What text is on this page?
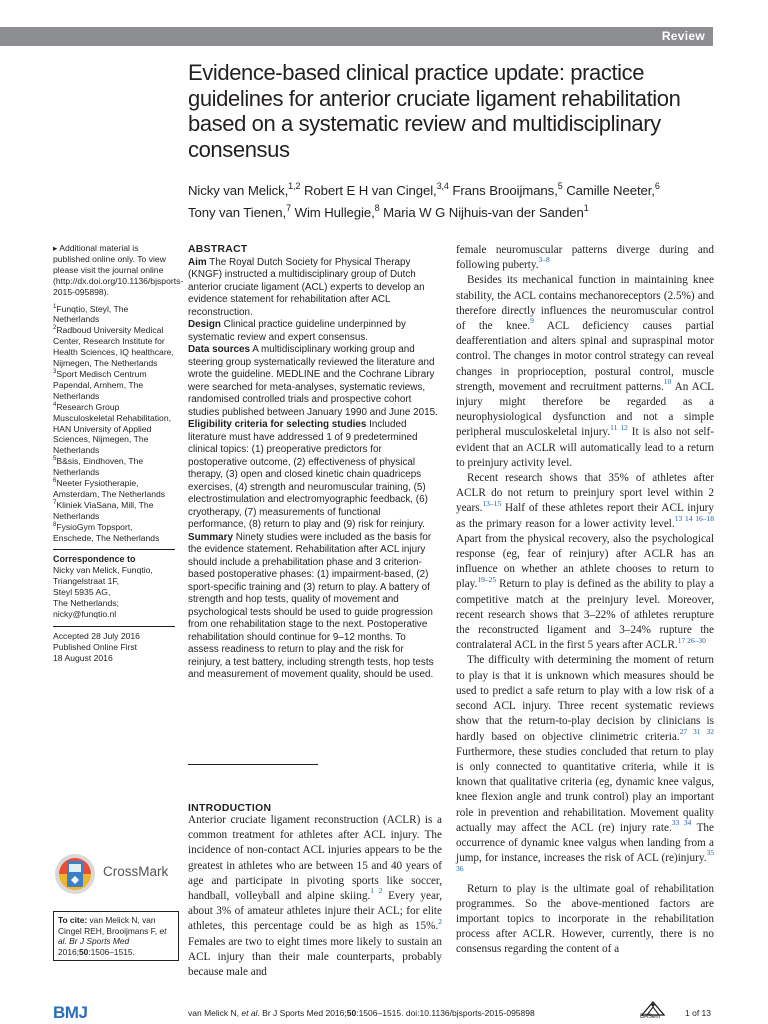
Review
Evidence-based clinical practice update: practice guidelines for anterior cruciate ligament rehabilitation based on a systematic review and multidisciplinary consensus
Nicky van Melick,$^{1,2}$ Robert E H van Cingel,$^{3,4}$ Frans Brooijmans,$^5$ Camille Neeter,$^6$
Tony van Tienen,$^7$ Wim Hullegie,$^8$ Maria W G Nijhuis-van der Sanden$^1$
▸ Additional material is published online only. To view please visit the journal online (http://dx.doi.org/10.1136/bjsports-2015-095898).

$^1$Funqtio, Steyl, The Netherlands

$^2$Radboud University Medical Center, Research Institute for Health Sciences, IQ healthcare, Nijmegen, The Netherlands

$^3$Sport Medisch Centrum Papendal, Arnhem, The Netherlands

$^4$Research Group Musculoskeletal Rehabilitation, HAN University of Applied Sciences, Nijmegen, The Netherlands

$^5$B&sis, Eindhoven, The Netherlands

$^6$Neeter Fysiotherapie, Amsterdam, The Netherlands

$^7$Kliniek ViaSana, Mill, The Netherlands

$^8$FysioGym Topsport, Enschede, The Netherlands

Correspondence to
Nicky van Melick, Funqtio,
Triangelstraat 1F,
Steyl 5935 AG,
The Netherlands;
nicky@funqtio.nl
Accepted 28 July 2016
Published Online First
18 August 2016
CrossMark
To cite: van Melick N, van Cingel REH, Brooijmans F, et al. Br J Sports Med 2016;50:1506–1515.
ABSTRACT

Aim The Royal Dutch Society for Physical Therapy (KNGF) instructed a multidisciplinary group of Dutch anterior cruciate ligament (ACL) experts to develop an evidence statement for rehabilitation after ACL reconstruction.

Design Clinical practice guideline underpinned by systematic review and expert consensus.

Data sources A multidisciplinary working group and steering group systematically reviewed the literature and wrote the guideline. MEDLINE and the Cochrane Library were searched for meta-analyses, systematic reviews, randomised controlled trials and prospective cohort studies published between January 1990 and June 2015.

Eligibility criteria for selecting studies Included literature must have addressed 1 of 9 predetermined clinical topics: (1) preoperative predictors for postoperative outcome, (2) effectiveness of physical therapy, (3) open and closed kinetic chain quadriceps exercises, (4) strength and neuromuscular training, (5) electrostimulation and electromyographic feedback, (6) cryotherapy, (7) measurements of functional performance, (8) return to play and (9) risk for reinjury.

Summary Ninety studies were included as the basis for the evidence statement. Rehabilitation after ACL injury should include a prehabilitation phase and 3 criterion-based postoperative phases: (1) impairment-based, (2) sport-specific training and (3) return to play. A battery of strength and hop tests, quality of movement and psychological tests should be used to guide progression from one rehabilitation stage to the next. Postoperative rehabilitation should continue for 9–12 months. To assess readiness to return to play and the risk for reinjury, a test battery, including strength tests, hop tests and measurement of movement quality, should be used.

INTRODUCTION
Anterior cruciate ligament reconstruction (ACLR) is a common treatment for athletes after ACL injury. The incidence of non-contact ACL injuries appears to be the greatest in athletes who are between 15 and 40 years of age and participate in pivoting sports like soccer, handball, volleyball and alpine skiing.$^{1 2}$ Every year, about 3% of amateur athletes injure their ACL; for elite athletes, this percentage could be as high as 15%.$^2$ Females are two to eight times more likely to sustain an ACL injury than their male counterparts, probably because male and

female neuromuscular patterns diverge during and following puberty.$^{3-8}$

Besides its mechanical function in maintaining knee stability, the ACL contains mechanoreceptors (2.5%) and therefore directly influences the neuromuscular control of the knee.$^9$ ACL deficiency causes partial deafferentiation and alters spinal and supraspinal motor control. The changes in motor control strategy can reveal changes in proprioception, postural control, muscle strength, movement and recruitment patterns.$^{10}$ An ACL injury might therefore be regarded as a neurophysiological dysfunction and not a simple peripheral musculoskeletal injury.$^{11 12}$ It is also not self-evident that an ACLR will automatically lead to a return to preinjury activity level.

Recent research shows that 35% of athletes after ACLR do not return to preinjury sport level within 2 years.$^{13-15}$ Half of these athletes report their ACL injury as the primary reason for a lower activity level.$^{13 14 16-18}$ Apart from the physical recovery, also the psychological response (eg, fear of reinjury) after ACLR has an influence on whether an athlete chooses to return to play.$^{19-25}$ Return to play is defined as the ability to play a competitive match at the preinjury level. Moreover, recent research shows that 3–22% of athletes rerupture the reconstructed ligament and 3–24% rupture the contralateral ACL in the first 5 years after ACLR.$^{17 26-30}$

The difficulty with determining the moment of return to play is that it is unknown which measures should be used to predict a safe return to play with a low risk of a second ACL injury. Three recent systematic reviews show that the return-to-play decision by clinicians is hardly based on objective clinimetric criteria.$^{27 31 32}$ Furthermore, these studies concluded that return to play is only connected to quantitative criteria, while it is known that qualitative criteria (eg, dynamic knee valgus, knee flexion angle and trunk control) play an important role in prevention and rehabilitation. Movement quality actually may affect the ACL (re) injury rate.$^{33 34}$ The occurrence of dynamic knee valgus when landing from a jump, for instance, increases the risk of ACL (re)injury.$^{35 36}$

Return to play is the ultimate goal of rehabilitation programmes. So the above-mentioned factors are important topics to incorporate in the rehabilitation process after ACLR. However, currently, there is no consensus regarding the content of a

BMJ	van Melick N, et al. Br J Sports Med 2016;50:1506–1515. doi:10.1136/bjsports-2015-095898	BASem	1 of 13
